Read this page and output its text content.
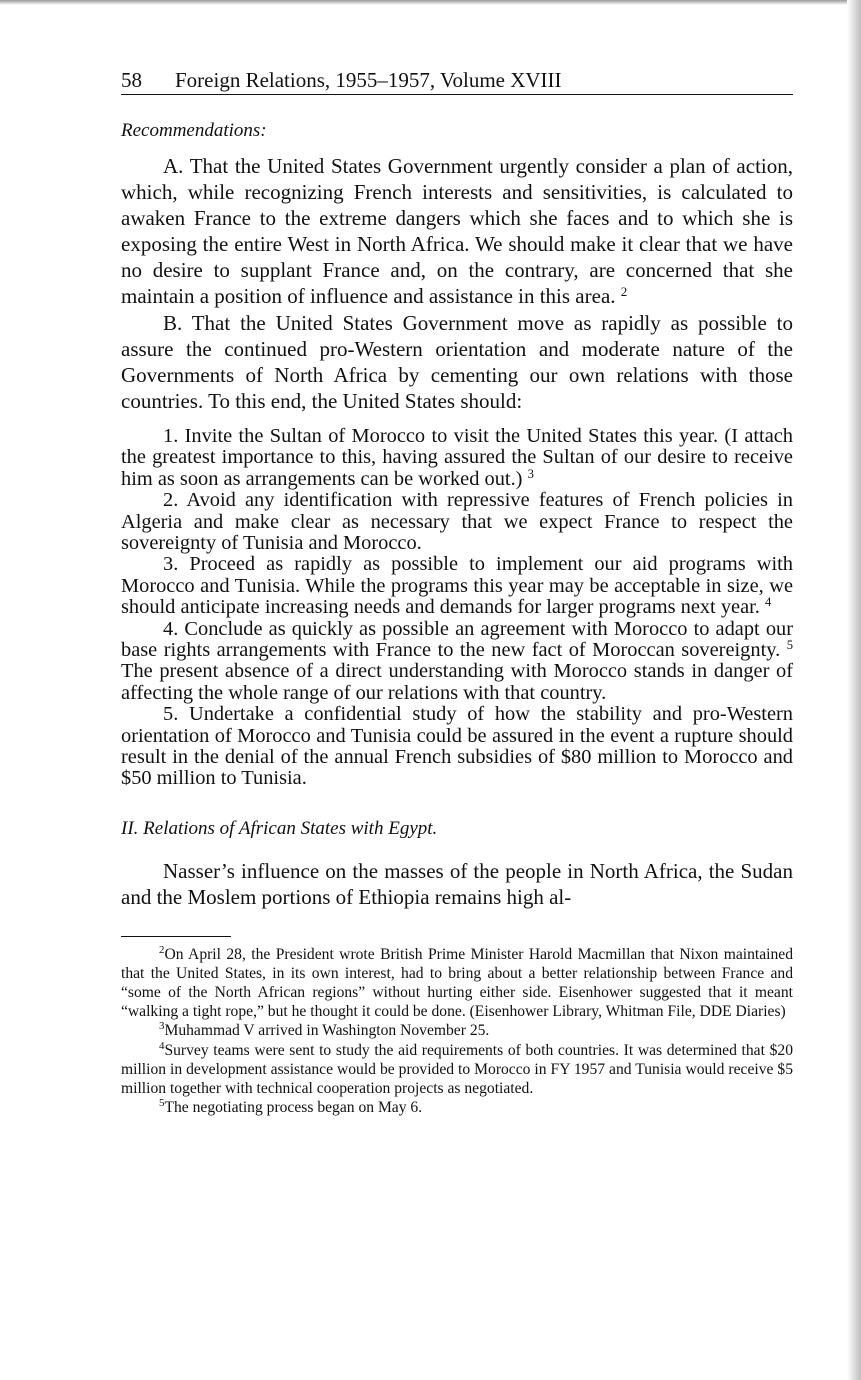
58 Foreign Relations, 1955–1957, Volume XVIII
Recommendations:

A. That the United States Government urgently consider a plan of action, which, while recognizing French interests and sensitivities, is calculated to awaken France to the extreme dangers which she faces and to which she is exposing the entire West in North Africa. We should make it clear that we have no desire to supplant France and, on the contrary, are concerned that she maintain a position of influence and assistance in this area. $^2$

B. That the United States Government move as rapidly as possible to assure the continued pro-Western orientation and moderate nature of the Governments of North Africa by cementing our own relations with those countries. To this end, the United States should:

1. Invite the Sultan of Morocco to visit the United States this year. (I attach the greatest importance to this, having assured the Sultan of our desire to receive him as soon as arrangements can be worked out.) $^3$

2. Avoid any identification with repressive features of French policies in Algeria and make clear as necessary that we expect France to respect the sovereignty of Tunisia and Morocco.

3. Proceed as rapidly as possible to implement our aid programs with Morocco and Tunisia. While the programs this year may be acceptable in size, we should anticipate increasing needs and demands for larger programs next year. $^4$

4. Conclude as quickly as possible an agreement with Morocco to adapt our base rights arrangements with France to the new fact of Moroccan sovereignty. $^5$ The present absence of a direct understanding with Morocco stands in danger of affecting the whole range of our relations with that country.

5. Undertake a confidential study of how the stability and pro-Western orientation of Morocco and Tunisia could be assured in the event a rupture should result in the denial of the annual French subsidies of $80 million to Morocco and $50 million to Tunisia.

II. Relations of African States with Egypt.

Nasser’s influence on the masses of the people in North Africa, the Sudan and the Moslem portions of Ethiopia remains high al-

$^2$On April 28, the President wrote British Prime Minister Harold Macmillan that Nixon maintained that the United States, in its own interest, had to bring about a better relationship between France and “some of the North African regions” without hurting either side. Eisenhower suggested that it meant “walking a tight rope,” but he thought it could be done. (Eisenhower Library, Whitman File, DDE Diaries)

$^3$Muhammad V arrived in Washington November 25.

$^4$Survey teams were sent to study the aid requirements of both countries. It was determined that $20 million in development assistance would be provided to Morocco in FY 1957 and Tunisia would receive $5 million together with technical cooperation projects as negotiated.

$^5$The negotiating process began on May 6.
